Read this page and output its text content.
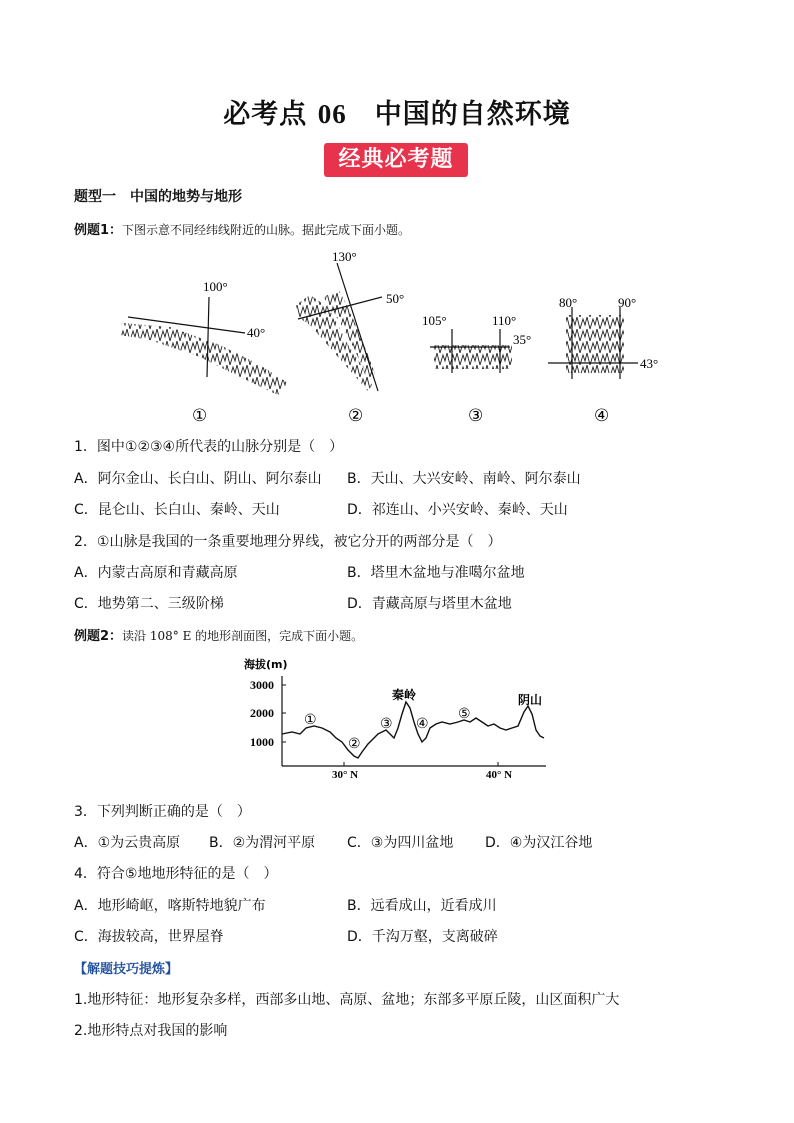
必考点 06　 中国的自然环境
经典必考题
题型一　中国的地势与地形
例题1：下图示意不同经纬线附近的山脉。据此完成下面小题。
100°
40°
①
130°
50°
②
105°	110°
35°
③
80°	90°
43°
④
1．图中①②③④所代表的山脉分别是（　）
A．阿尔金山、长白山、阴山、阿尔泰山 B．天山、大兴安岭、南岭、阿尔泰山
C．昆仑山、长白山、秦岭、天山	D．祁连山、小兴安岭、秦岭、天山
2．①山脉是我国的一条重要地理分界线，被它分开的两部分是（　）
A．内蒙古高原和青藏高原	B．塔里木盆地与准噶尔盆地
C．地势第二、三级阶梯	D．青藏高原与塔里木盆地
例题2：读沿 108° E 的地形剖面图，完成下面小题。
海拔(m)
3000
2000
1000
30° N	40° N
秦岭	阴山
①
②
③ ④
⑤
3．下列判断正确的是（　）
A．①为云贵高原 B．②为渭河平原 C．③为四川盆地 D．④为汉江谷地
4．符合⑤地地形特征的是（　）
A．地形崎岖，喀斯特地貌广布	B．远看成山，近看成川
C．海拔较高，世界屋脊	D．千沟万壑，支离破碎
【解题技巧提炼】
1.地形特征：地形复杂多样，西部多山地、高原、盆地；东部多平原丘陵，山区面积广大
2.地形特点对我国的影响
